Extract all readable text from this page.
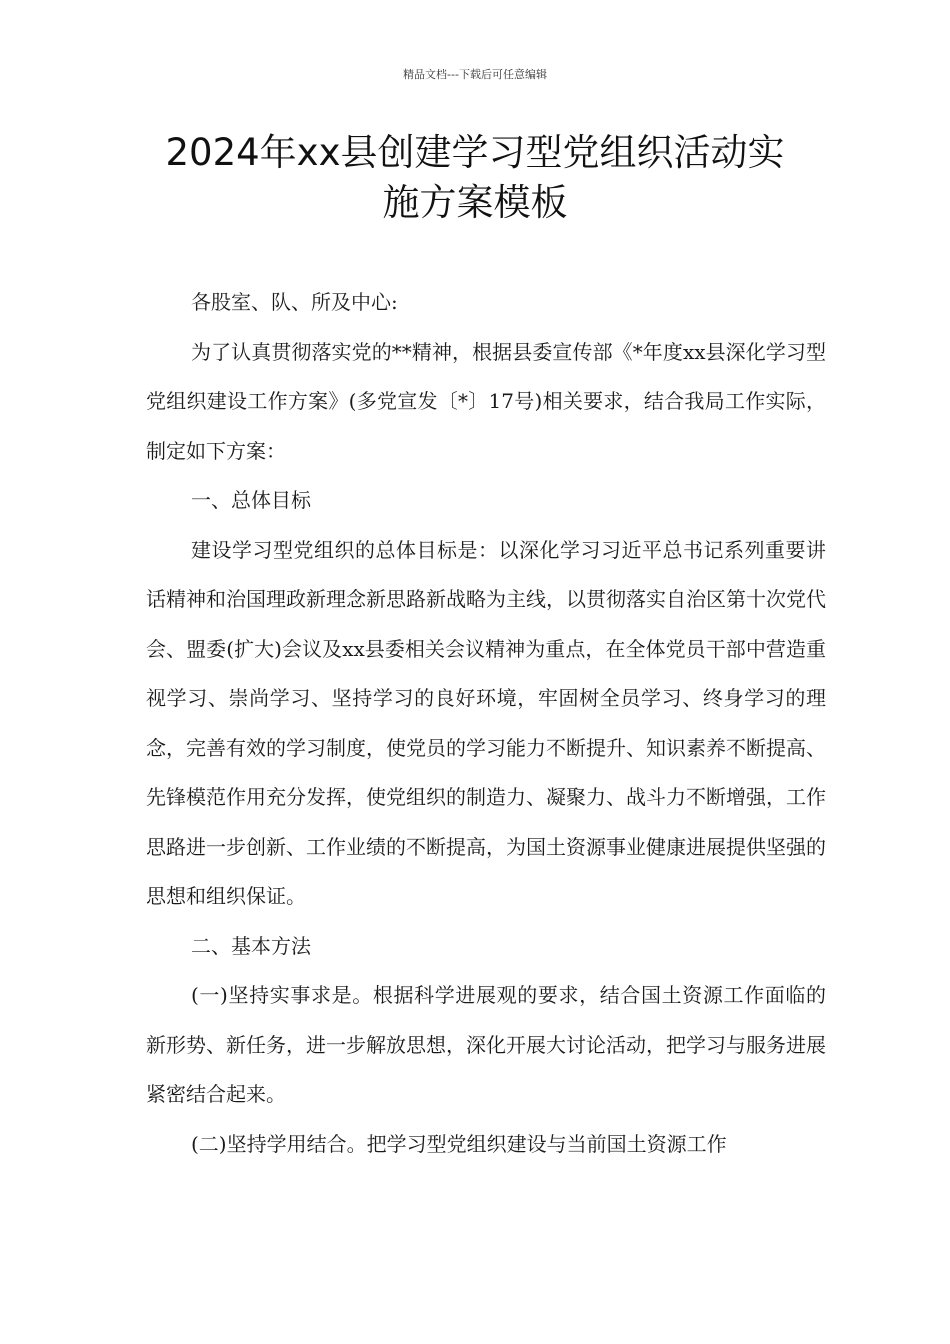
精品文档---下载后可任意编辑
2024年xx县创建学习型党组织活动实
施方案模板

各股室、队、所及中心:

为了认真贯彻落实党的**精神，根据县委宣传部《*年度xx县深化学习型党组织建设工作方案》(多党宣发〔*〕17号)相关要求，结合我局工作实际，制定如下方案：

一、总体目标

建设学习型党组织的总体目标是：以深化学习习近平总书记系列重要讲话精神和治国理政新理念新思路新战略为主线，以贯彻落实自治区第十次党代会、盟委(扩大)会议及xx县委相关会议精神为重点，在全体党员干部中营造重视学习、崇尚学习、坚持学习的良好环境，牢固树全员学习、终身学习的理念，完善有效的学习制度，使党员的学习能力不断提升、知识素养不断提高、先锋模范作用充分发挥，使党组织的制造力、凝聚力、战斗力不断增强，工作思路进一步创新、工作业绩的不断提高，为国土资源事业健康进展提供坚强的思想和组织保证。

二、基本方法

(一)坚持实事求是。根据科学进展观的要求，结合国土资源工作面临的新形势、新任务，进一步解放思想，深化开展大讨论活动，把学习与服务进展紧密结合起来。

(二)坚持学用结合。把学习型党组织建设与当前国土资源工作
